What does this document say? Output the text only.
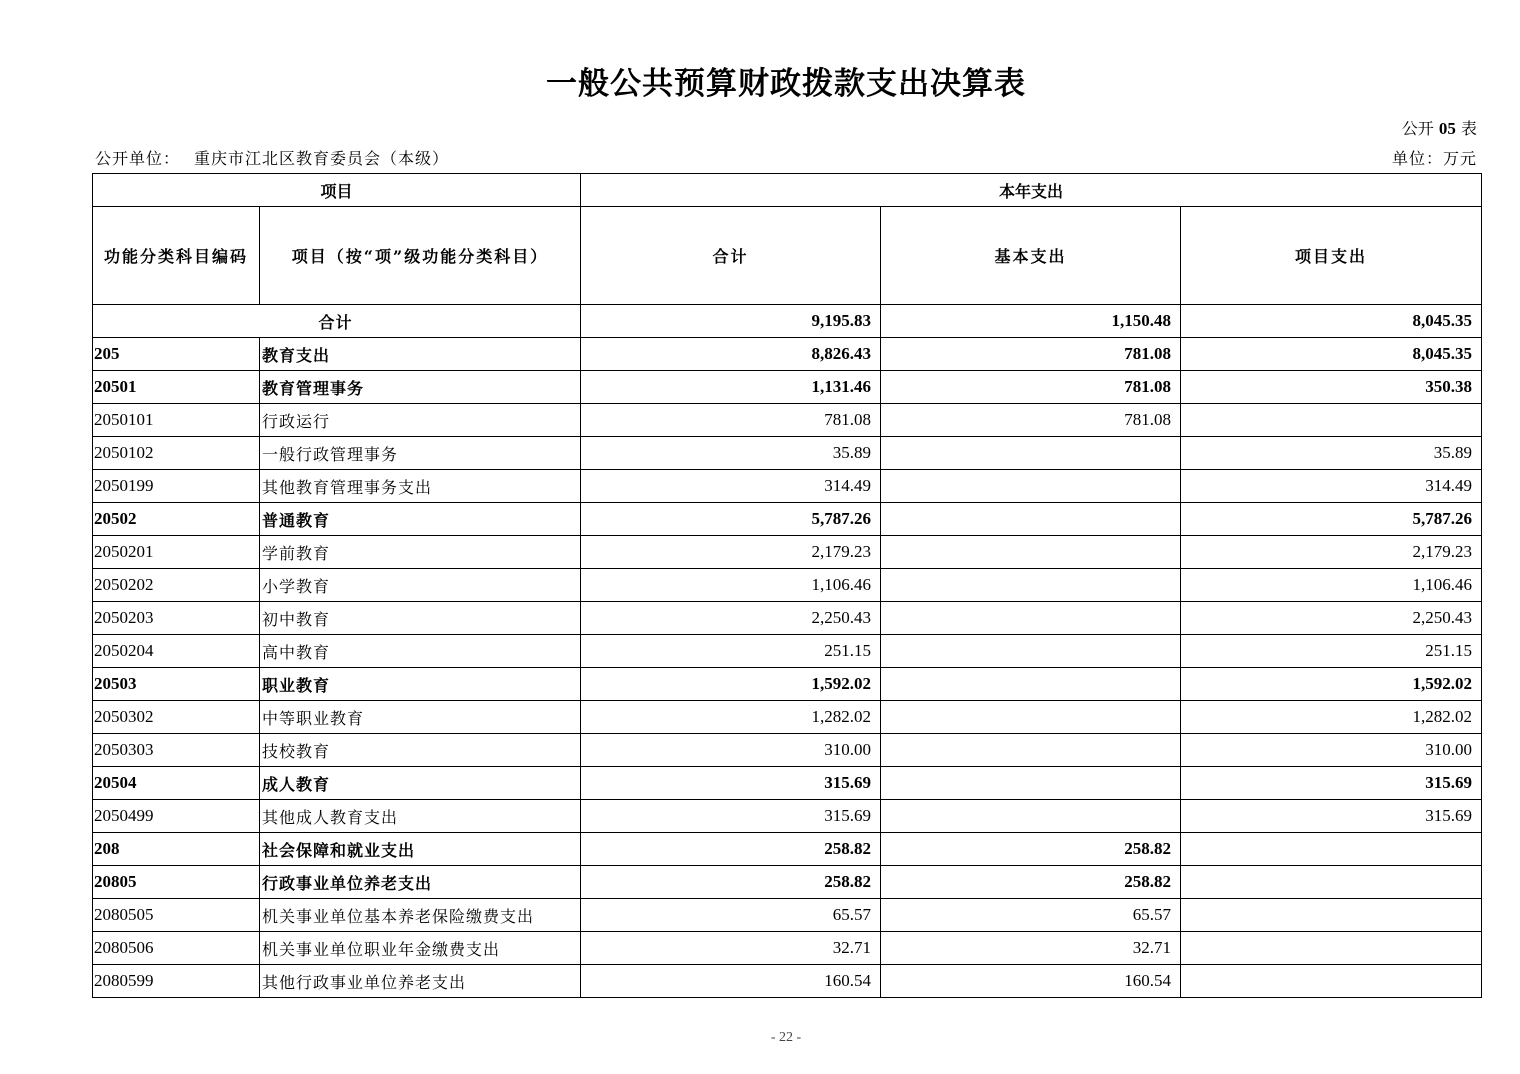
一般公共预算财政拨款支出决算表
公开 05 表
公开单位： 重庆市江北区教育委员会（本级）	单位：万元
项目		本年支出		
功能分类科目编码	项目（按“项”级功能分类科目）	合计	基本支出	项目支出
合计		9,195.83	1,150.48	8,045.35
205	教育支出	8,826.43	781.08	8,045.35
20501	教育管理事务	1,131.46	781.08	350.38
2050101	行政运行	781.08	781.08	
2050102	一般行政管理事务	35.89		35.89
2050199	其他教育管理事务支出	314.49		314.49
20502	普通教育	5,787.26		5,787.26
2050201	学前教育	2,179.23		2,179.23
2050202	小学教育	1,106.46		1,106.46
2050203	初中教育	2,250.43		2,250.43
2050204	高中教育	251.15		251.15
20503	职业教育	1,592.02		1,592.02
2050302	中等职业教育	1,282.02		1,282.02
2050303	技校教育	310.00		310.00
20504	成人教育	315.69		315.69
2050499	其他成人教育支出	315.69		315.69
208	社会保障和就业支出	258.82	258.82	
20805	行政事业单位养老支出	258.82	258.82	
2080505	机关事业单位基本养老保险缴费支出	65.57	65.57	
2080506	机关事业单位职业年金缴费支出	32.71	32.71	
2080599	其他行政事业单位养老支出	160.54	160.54	
- 22 -
